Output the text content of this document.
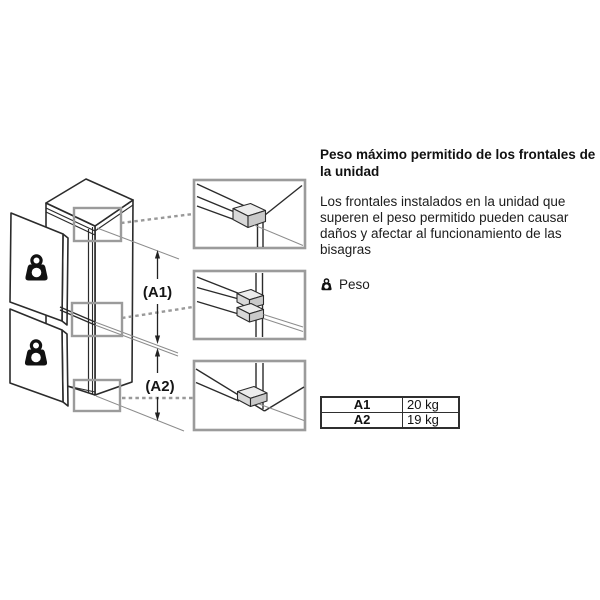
(A1)
(A2)
Peso máximo permitido de los frontales de la unidad

Los frontales instalados en la unidad que superen el peso permitido pueden causar daños y afectar al funcionamiento de las bisagras

Peso
A1	20 kg
A2	19 kg
